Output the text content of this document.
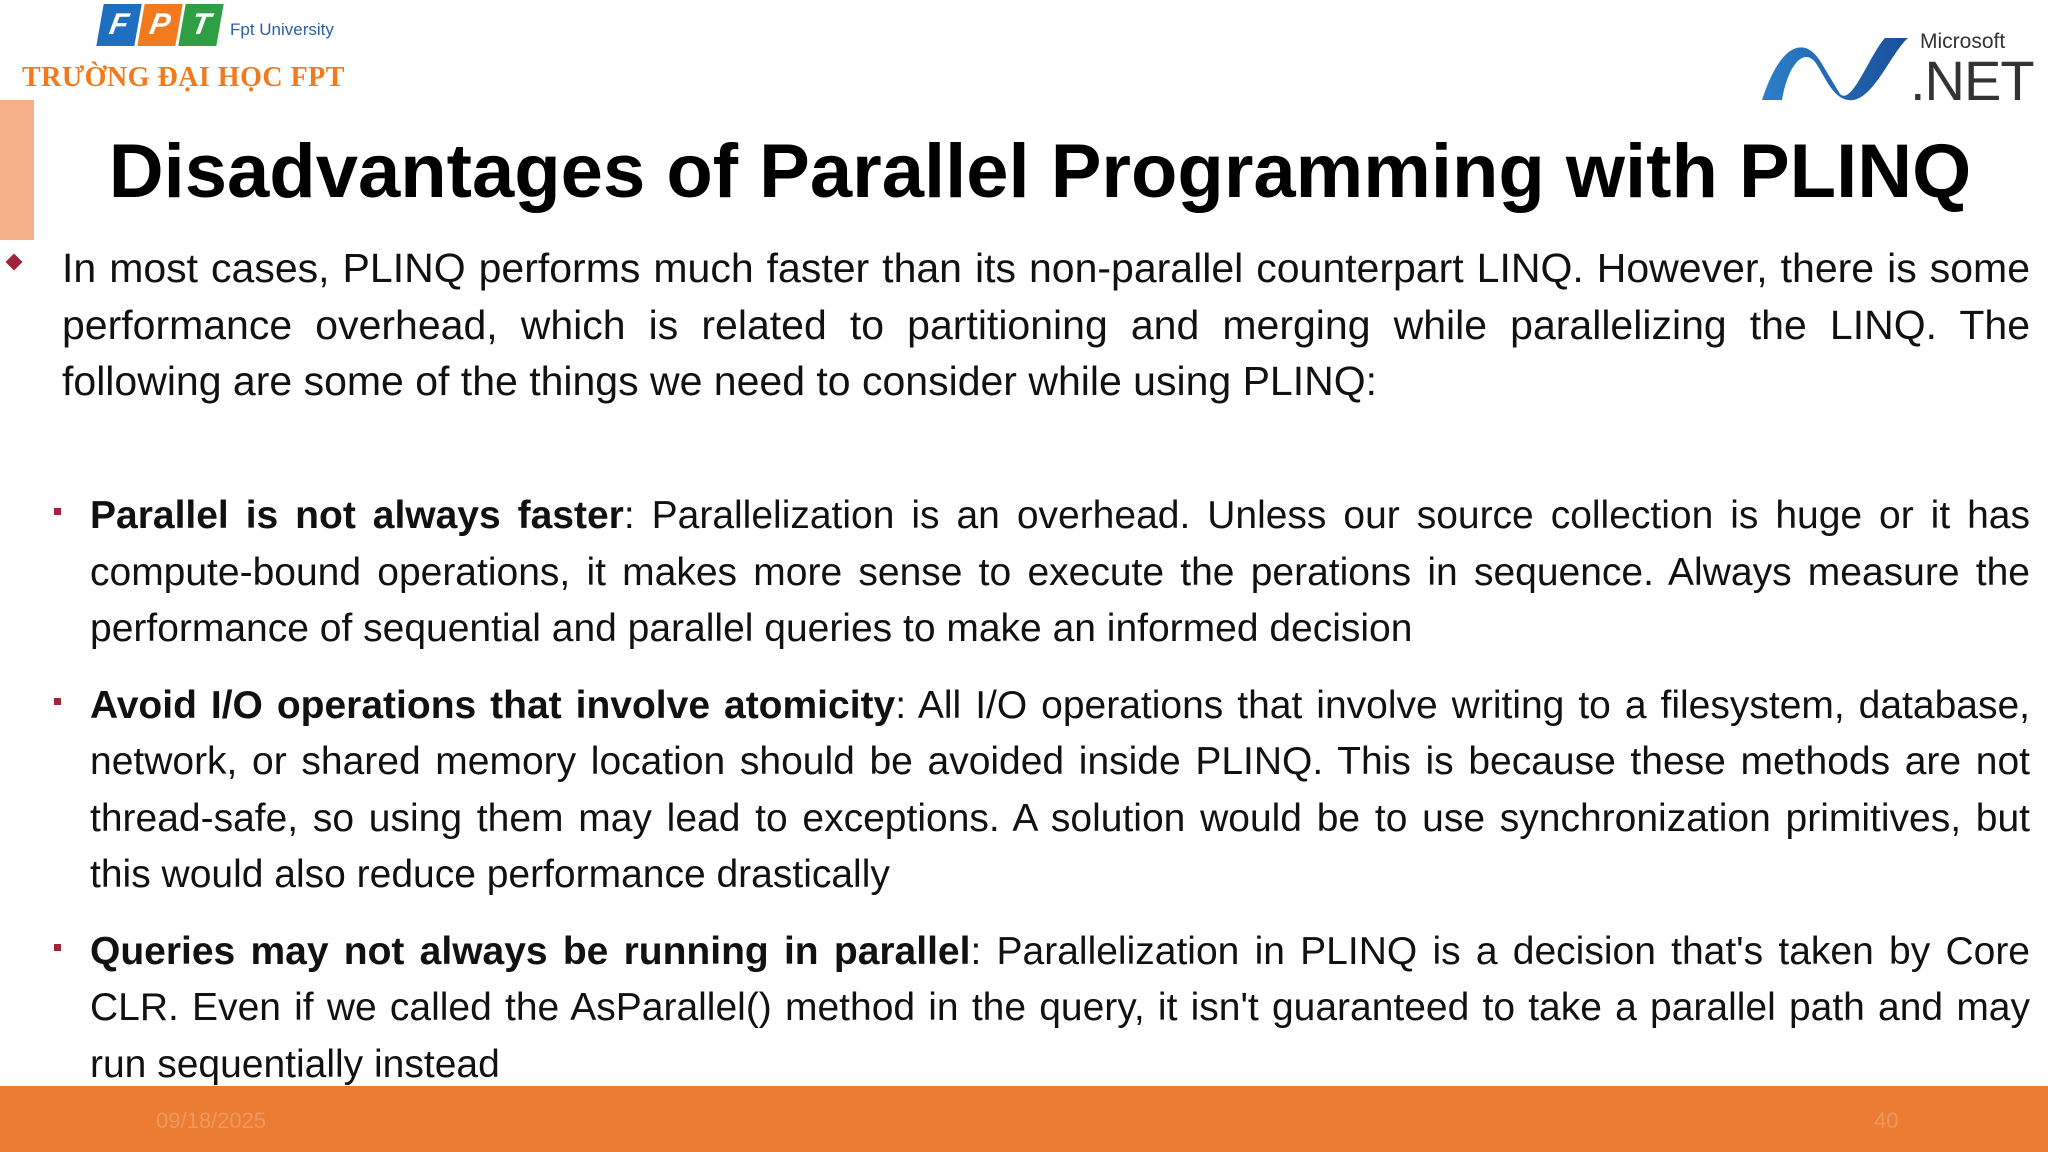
F P T Fpt University
TRƯỜNG ĐẠI HỌC FPT
Microsoft
.NET
Disadvantages of Parallel Programming with PLINQ

In most cases, PLINQ performs much faster than its non-parallel counterpart LINQ. However, there is some performance overhead, which is related to partitioning and merging while parallelizing the LINQ. The following are some of the things we need to consider while using PLINQ:

Parallel is not always faster: Parallelization is an overhead. Unless our source collection is huge or it has compute-bound operations, it makes more sense to execute the perations in sequence. Always measure the performance of sequential and parallel queries to make an informed decision
Avoid I/O operations that involve atomicity: All I/O operations that involve writing to a filesystem, database, network, or shared memory location should be avoided inside PLINQ. This is because these methods are not thread-safe, so using them may lead to exceptions. A solution would be to use synchronization primitives, but this would also reduce performance drastically
Queries may not always be running in parallel: Parallelization in PLINQ is a decision that's taken by Core CLR. Even if we called the AsParallel() method in the query, it isn't guaranteed to take a parallel path and may run sequentially instead
09/18/2025	40
